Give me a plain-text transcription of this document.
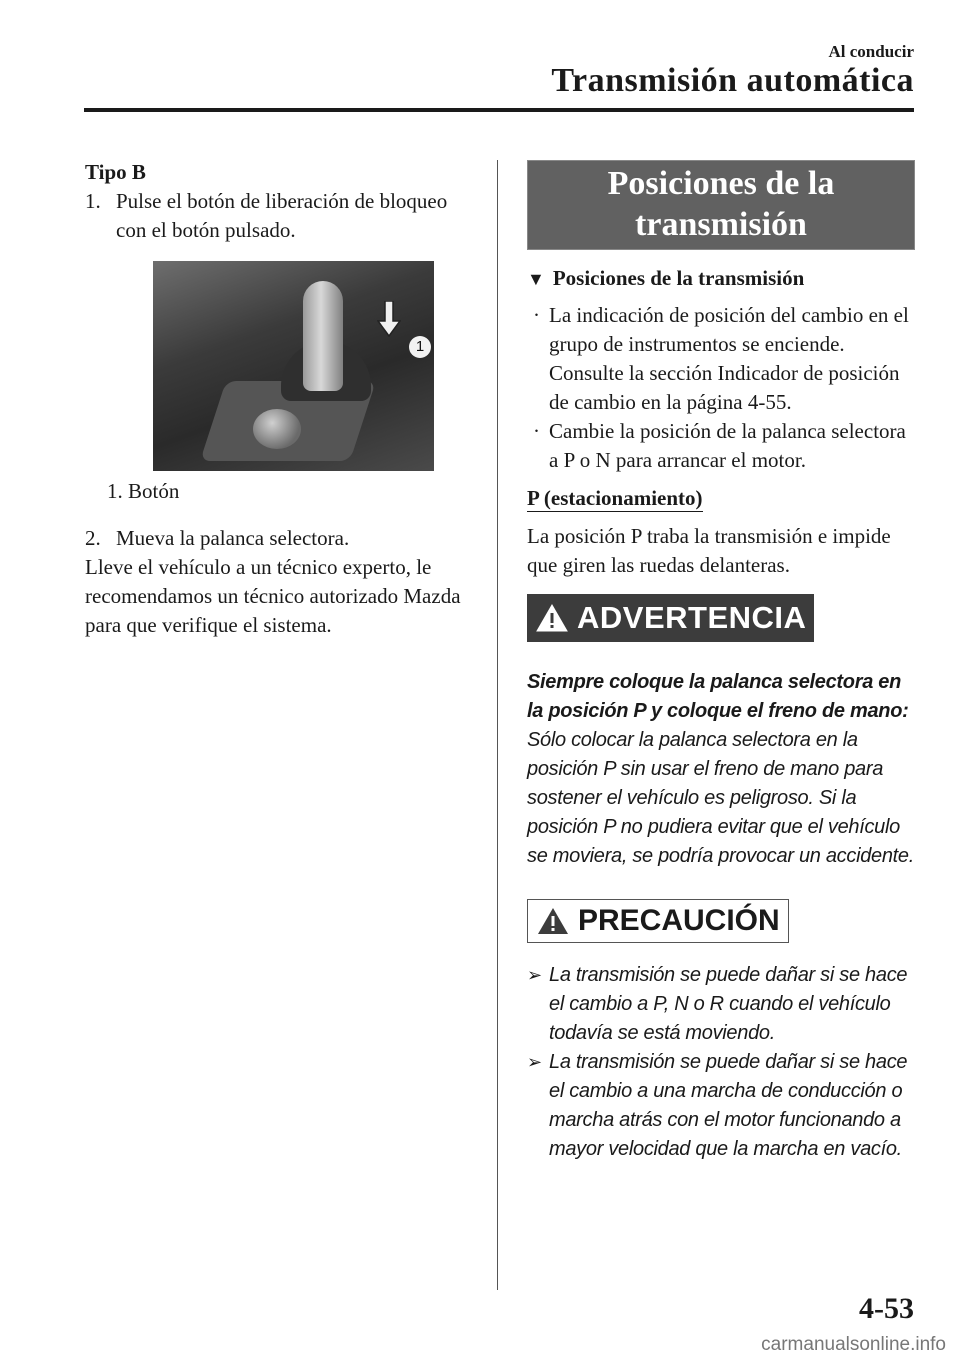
Al conducir
Transmisión automática
Tipo B
1. Pulse el botón de liberación de bloqueo con el botón pulsado.
1
1. Botón
2. Mueva la palanca selectora.
Lleve el vehículo a un técnico experto, le recomendamos un técnico autorizado Mazda para que verifique el sistema.
Posiciones de la transmisión
▼ Posiciones de la transmisión
· La indicación de posición del cambio en el grupo de instrumentos se enciende. Consulte la sección Indicador de posición de cambio en la página 4-55.
· Cambie la posición de la palanca selectora a P o N para arrancar el motor.
P (estacionamiento)
La posición P traba la transmisión e impide que giren las ruedas delanteras.
ADVERTENCIA
Siempre coloque la palanca selectora en la posición P y coloque el freno de mano:
Sólo colocar la palanca selectora en la posición P sin usar el freno de mano para sostener el vehículo es peligroso. Si la posición P no pudiera evitar que el vehículo se moviera, se podría provocar un accidente.
PRECAUCIÓN
➢ La transmisión se puede dañar si se hace el cambio a P, N o R cuando el vehículo todavía se está moviendo.
➢ La transmisión se puede dañar si se hace el cambio a una marcha de conducción o marcha atrás con el motor funcionando a mayor velocidad que la marcha en vacío.
4-53
carmanualsonline.info
